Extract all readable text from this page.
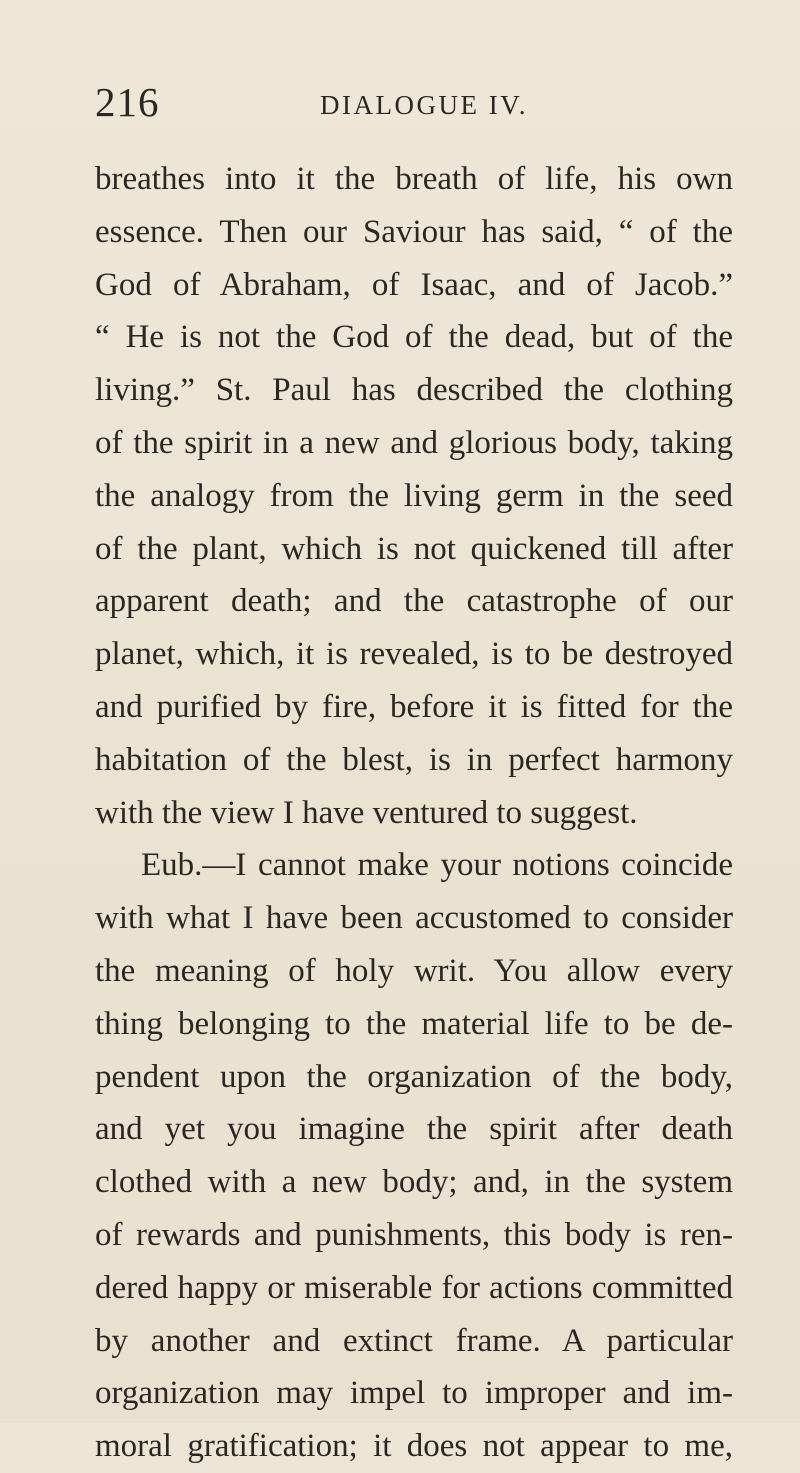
216	DIALOGUE IV.
breathes into it the breath of life, his own
essence. Then our Saviour has said, “ of the
God of Abraham, of Isaac, and of Jacob.”
“ He is not the God of the dead, but of the
living.” St. Paul has described the clothing
of the spirit in a new and glorious body, taking
the analogy from the living germ in the seed
of the plant, which is not quickened till after
apparent death; and the catastrophe of our
planet, which, it is revealed, is to be destroyed
and purified by fire, before it is fitted for the
habitation of the blest, is in perfect harmony
with the view I have ventured to suggest.
Eub.—I cannot make your notions coincide
with what I have been accustomed to consider
the meaning of holy writ. You allow every
thing belonging to the material life to be de-
pendent upon the organization of the body,
and yet you imagine the spirit after death
clothed with a new body; and, in the system
of rewards and punishments, this body is ren-
dered happy or miserable for actions committed
by another and extinct frame. A particular
organization may impel to improper and im-
moral gratification; it does not appear to me,
